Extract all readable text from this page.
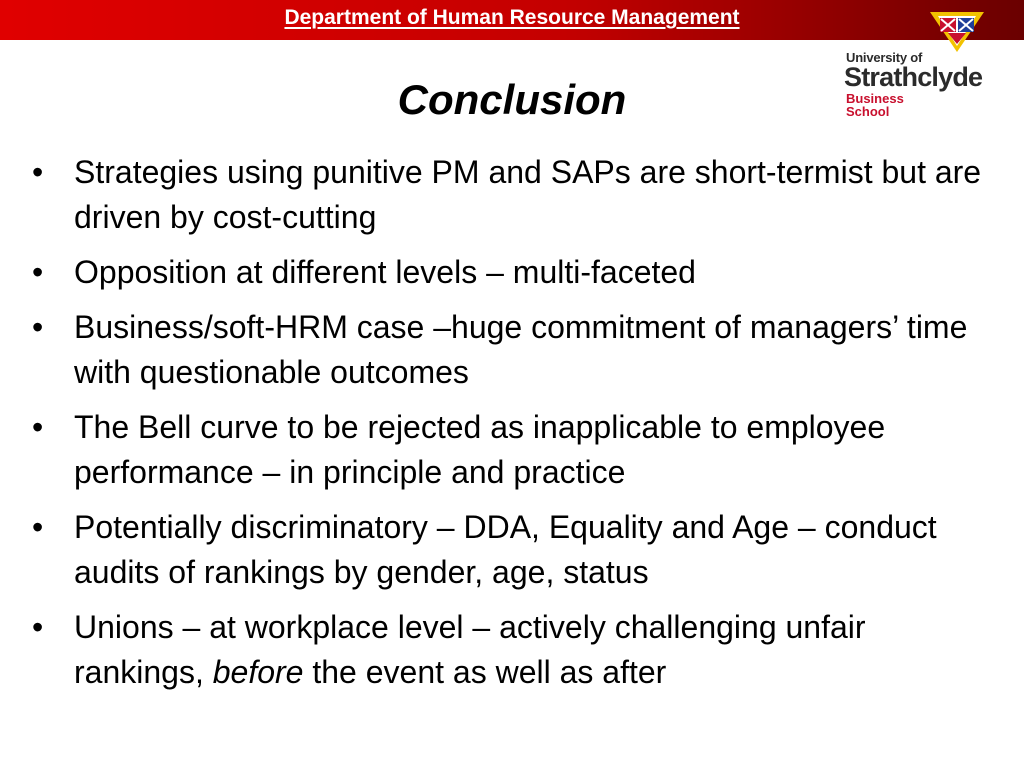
Department of Human Resource Management
University of
Strathclyde
Business
School
Conclusion
• Strategies using punitive PM and SAPs are short-termist but are driven by cost-cutting
• Opposition at different levels – multi-faceted
• Business/soft-HRM case –huge commitment of managers’ time with questionable outcomes
• The Bell curve to be rejected as inapplicable to employee performance – in principle and practice
• Potentially discriminatory – DDA, Equality and Age – conduct audits of rankings by gender, age, status
• Unions – at workplace level – actively challenging unfair rankings, before the event as well as after
